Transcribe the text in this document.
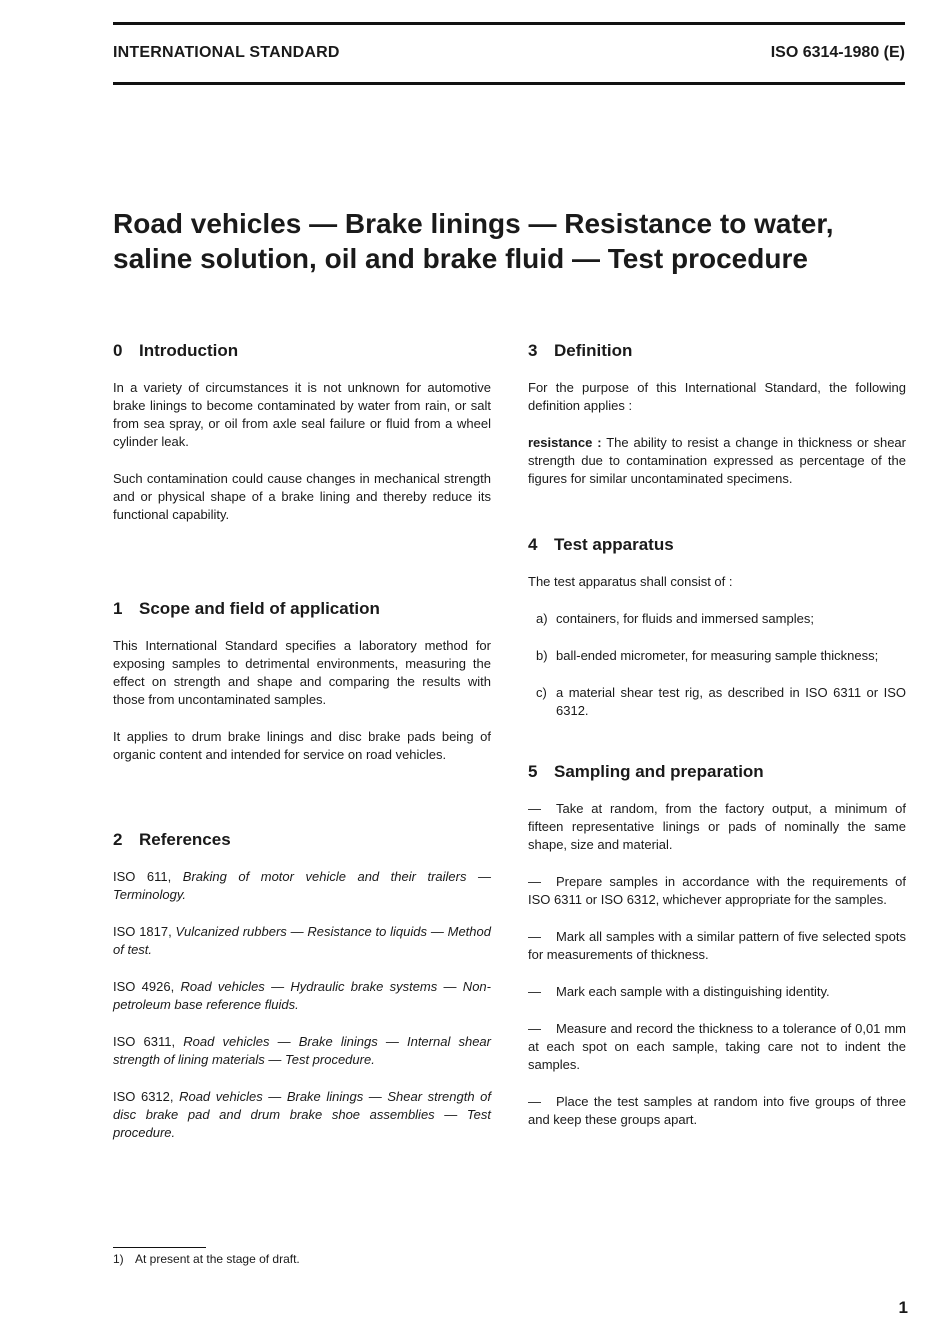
INTERNATIONAL STANDARD	ISO 6314-1980 (E)
Road vehicles — Brake linings — Resistance to water,
saline solution, oil and brake fluid — Test procedure
0 Introduction

In a variety of circumstances it is not unknown for automotive brake linings to become contaminated by water from rain, or salt from sea spray, or oil from axle seal failure or fluid from a wheel cylinder leak.

Such contamination could cause changes in mechanical strength and or physical shape of a brake lining and thereby reduce its functional capability.

1 Scope and field of application

This International Standard specifies a laboratory method for exposing samples to detrimental environments, measuring the effect on strength and shape and comparing the results with those from uncontaminated samples.

It applies to drum brake linings and disc brake pads being of organic content and intended for service on road vehicles.

2 References

ISO 611, Braking of motor vehicle and their trailers — Terminology.

ISO 1817, Vulcanized rubbers — Resistance to liquids — Method of test.

ISO 4926, Road vehicles — Hydraulic brake systems — Non-petroleum base reference fluids.

ISO 6311, Road vehicles — Brake linings — Internal shear strength of lining materials — Test procedure.

ISO 6312, Road vehicles — Brake linings — Shear strength of disc brake pad and drum brake shoe assemblies — Test procedure.

3 Definition

For the purpose of this International Standard, the following definition applies :

resistance : The ability to resist a change in thickness or shear strength due to contamination expressed as percentage of the figures for similar uncontaminated specimens.

4 Test apparatus

The test apparatus shall consist of :

a) containers, for fluids and immersed samples;
b) ball-ended micrometer, for measuring sample thickness;
c) a material shear test rig, as described in ISO 6311 or ISO 6312.
5 Sampling and preparation

— Take at random, from the factory output, a minimum of fifteen representative linings or pads of nominally the same shape, size and material.

— Prepare samples in accordance with the requirements of ISO 6311 or ISO 6312, whichever appropriate for the samples.

— Mark all samples with a similar pattern of five selected spots for measurements of thickness.

— Mark each sample with a distinguishing identity.

— Measure and record the thickness to a tolerance of 0,01 mm at each spot on each sample, taking care not to indent the samples.

— Place the test samples at random into five groups of three and keep these groups apart.

1) At present at the stage of draft.
1
